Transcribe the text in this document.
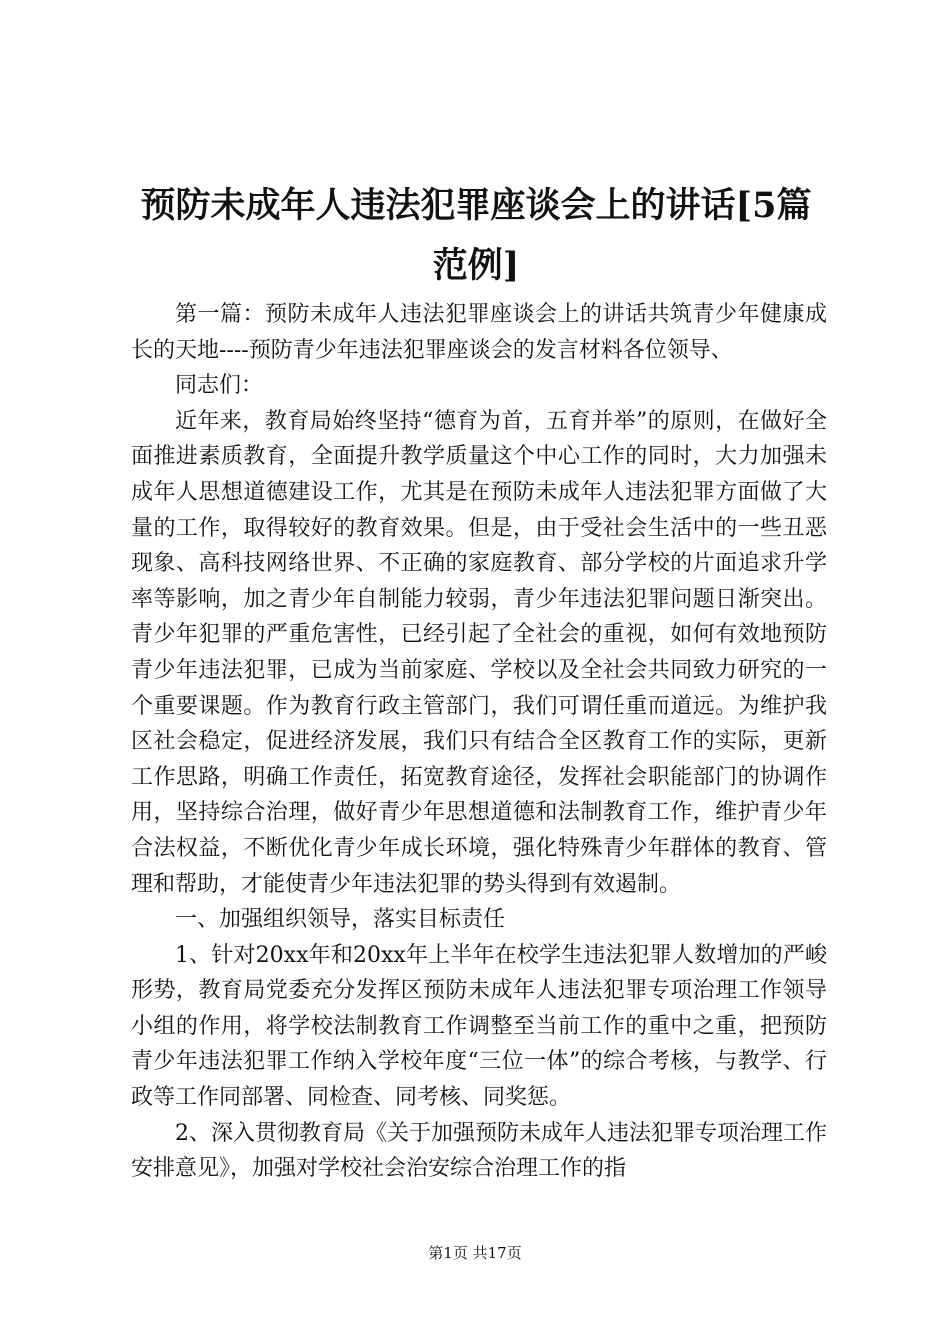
预防未成年人违法犯罪座谈会上的讲话[5篇
范例]

第一篇：预防未成年人违法犯罪座谈会上的讲话共筑青少年健康成长的天地----预防青少年违法犯罪座谈会的发言材料各位领导、

同志们：

近年来，教育局始终坚持“德育为首，五育并举”的原则，在做好全面推进素质教育，全面提升教学质量这个中心工作的同时，大力加强未成年人思想道德建设工作，尤其是在预防未成年人违法犯罪方面做了大量的工作，取得较好的教育效果。但是，由于受社会生活中的一些丑恶现象、高科技网络世界、不正确的家庭教育、部分学校的片面追求升学率等影响，加之青少年自制能力较弱，青少年违法犯罪问题日渐突出。青少年犯罪的严重危害性，已经引起了全社会的重视，如何有效地预防青少年违法犯罪，已成为当前家庭、学校以及全社会共同致力研究的一个重要课题。作为教育行政主管部门，我们可谓任重而道远。为维护我区社会稳定，促进经济发展，我们只有结合全区教育工作的实际，更新工作思路，明确工作责任，拓宽教育途径，发挥社会职能部门的协调作用，坚持综合治理，做好青少年思想道德和法制教育工作，维护青少年合法权益，不断优化青少年成长环境，强化特殊青少年群体的教育、管理和帮助，才能使青少年违法犯罪的势头得到有效遏制。

一、加强组织领导，落实目标责任

1、针对20xx年和20xx年上半年在校学生违法犯罪人数增加的严峻形势，教育局党委充分发挥区预防未成年人违法犯罪专项治理工作领导小组的作用，将学校法制教育工作调整至当前工作的重中之重，把预防青少年违法犯罪工作纳入学校年度“三位一体”的综合考核，与教学、行政等工作同部署、同检查、同考核、同奖惩。

2、深入贯彻教育局《关于加强预防未成年人违法犯罪专项治理工作安排意见》，加强对学校社会治安综合治理工作的指

第1页 共17页
